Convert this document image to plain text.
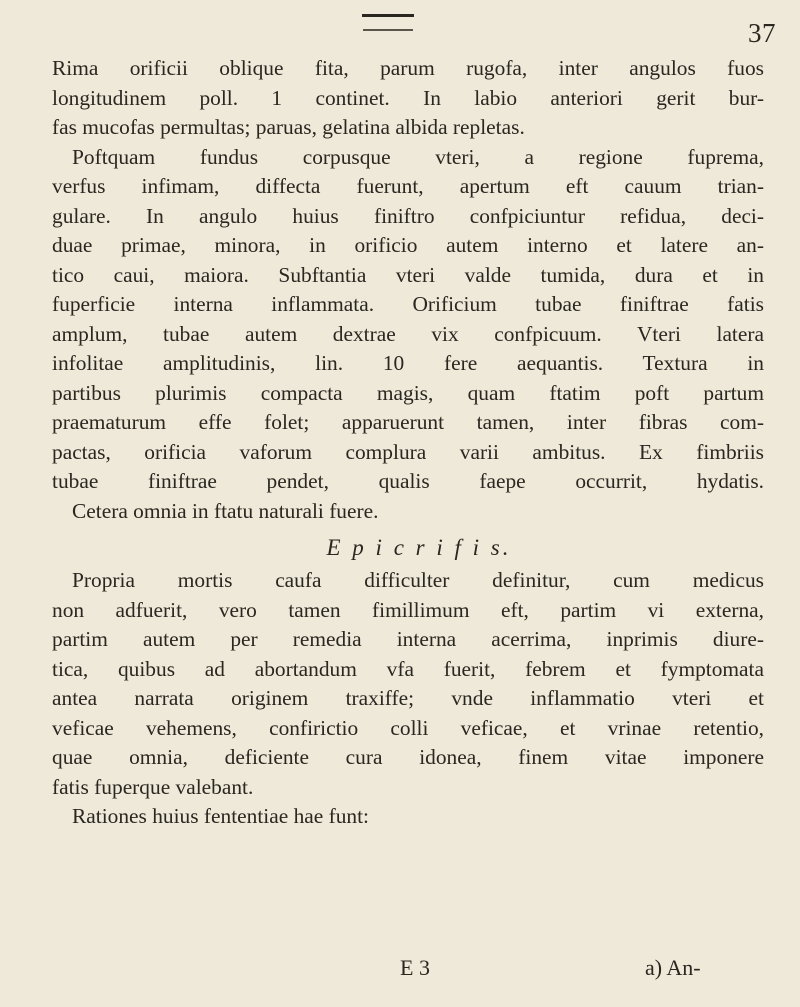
37
Rima orificii oblique fita, parum rugofa, inter angulos fuos
longitudinem poll. 1 continet. In labio anteriori gerit bur-
fas mucofas permultas; paruas, gelatina albida repletas.
Poftquam fundus corpusque vteri, a regione fuprema,
verfus infimam, diffecta fuerunt, apertum eft cauum trian-
gulare. In angulo huius finiftro confpiciuntur refidua, deci-
duae primae, minora, in orificio autem interno et latere an-
tico caui, maiora. Subftantia vteri valde tumida, dura et in
fuperficie interna inflammata. Orificium tubae finiftrae fatis
amplum, tubae autem dextrae vix confpicuum. Vteri latera
infolitae amplitudinis, lin. 10 fere aequantis. Textura in
partibus plurimis compacta magis, quam ftatim poft partum
praematurum effe folet; apparuerunt tamen, inter fibras com-
pactas, orificia vaforum complura varii ambitus. Ex fimbriis
tubae finiftrae pendet, qualis faepe occurrit, hydatis.
Cetera omnia in ftatu naturali fuere.
E p i c r i f i s.
Propria mortis caufa difficulter definitur, cum medicus
non adfuerit, vero tamen fimillimum eft, partim vi externa,
partim autem per remedia interna acerrima, inprimis diure-
tica, quibus ad abortandum vfa fuerit, febrem et fymptomata
antea narrata originem traxiffe; vnde inflammatio vteri et
veficae vehemens, confirictio colli veficae, et vrinae retentio,
quae omnia, deficiente cura idonea, finem vitae imponere
fatis fuperque valebant.
Rationes huius fententiae hae funt:
E 3	a) An-
